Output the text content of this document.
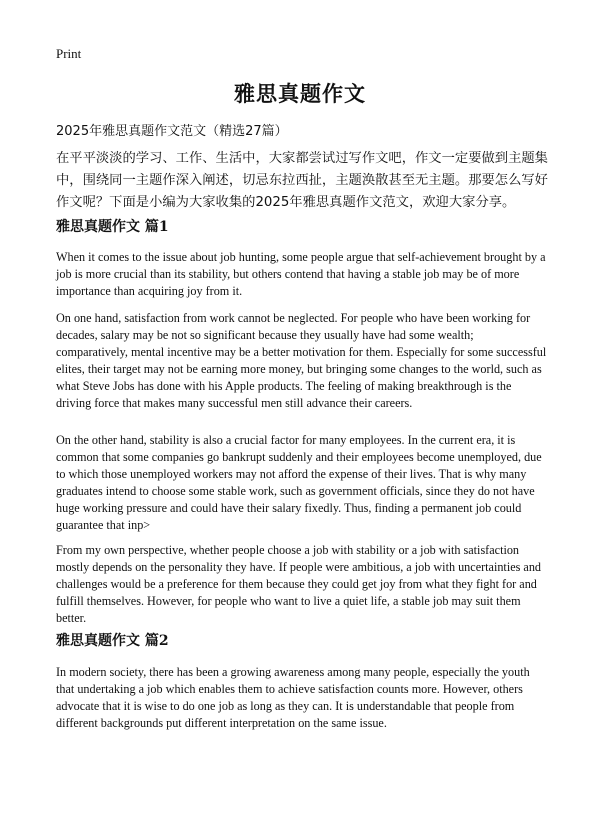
Print
雅思真题作文

2025年雅思真题作文范文（精选27篇）

在平平淡淡的学习、工作、生活中，大家都尝试过写作文吧，作文一定要做到主题集中，围绕同一主题作深入阐述，切忌东拉西扯，主题涣散甚至无主题。那要怎么写好作文呢？下面是小编为大家收集的2025年雅思真题作文范文，欢迎大家分享。

雅思真题作文 篇1

When it comes to the issue about job hunting, some people argue that self-achievement brought by a job is more crucial than its stability, but others contend that having a stable job may be of more importance than acquiring joy from it.

On one hand, satisfaction from work cannot be neglected. For people who have been working for decades, salary may be not so significant because they usually have had some wealth; comparatively, mental incentive may be a better motivation for them. Especially for some successful elites, their target may not be earning more money, but bringing some changes to the world, such as what Steve Jobs has done with his Apple products. The feeling of making breakthrough is the driving force that makes many successful men still advance their careers.

On the other hand, stability is also a crucial factor for many employees. In the current era, it is common that some companies go bankrupt suddenly and their employees become unemployed, due to which those unemployed workers may not afford the expense of their lives. That is why many graduates intend to choose some stable work, such as government officials, since they do not have huge working pressure and could have their salary fixedly. Thus, finding a permanent job could guarantee that inp>

From my own perspective, whether people choose a job with stability or a job with satisfaction mostly depends on the personality they have. If people were ambitious, a job with uncertainties and challenges would be a preference for them because they could get joy from what they fight for and fulfill themselves. However, for people who want to live a quiet life, a stable job may suit them better.

雅思真题作文 篇2

In modern society, there has been a growing awareness among many people, especially the youth that undertaking a job which enables them to achieve satisfaction counts more. However, others advocate that it is wise to do one job as long as they can. It is understandable that people from different backgrounds put different interpretation on the same issue.
